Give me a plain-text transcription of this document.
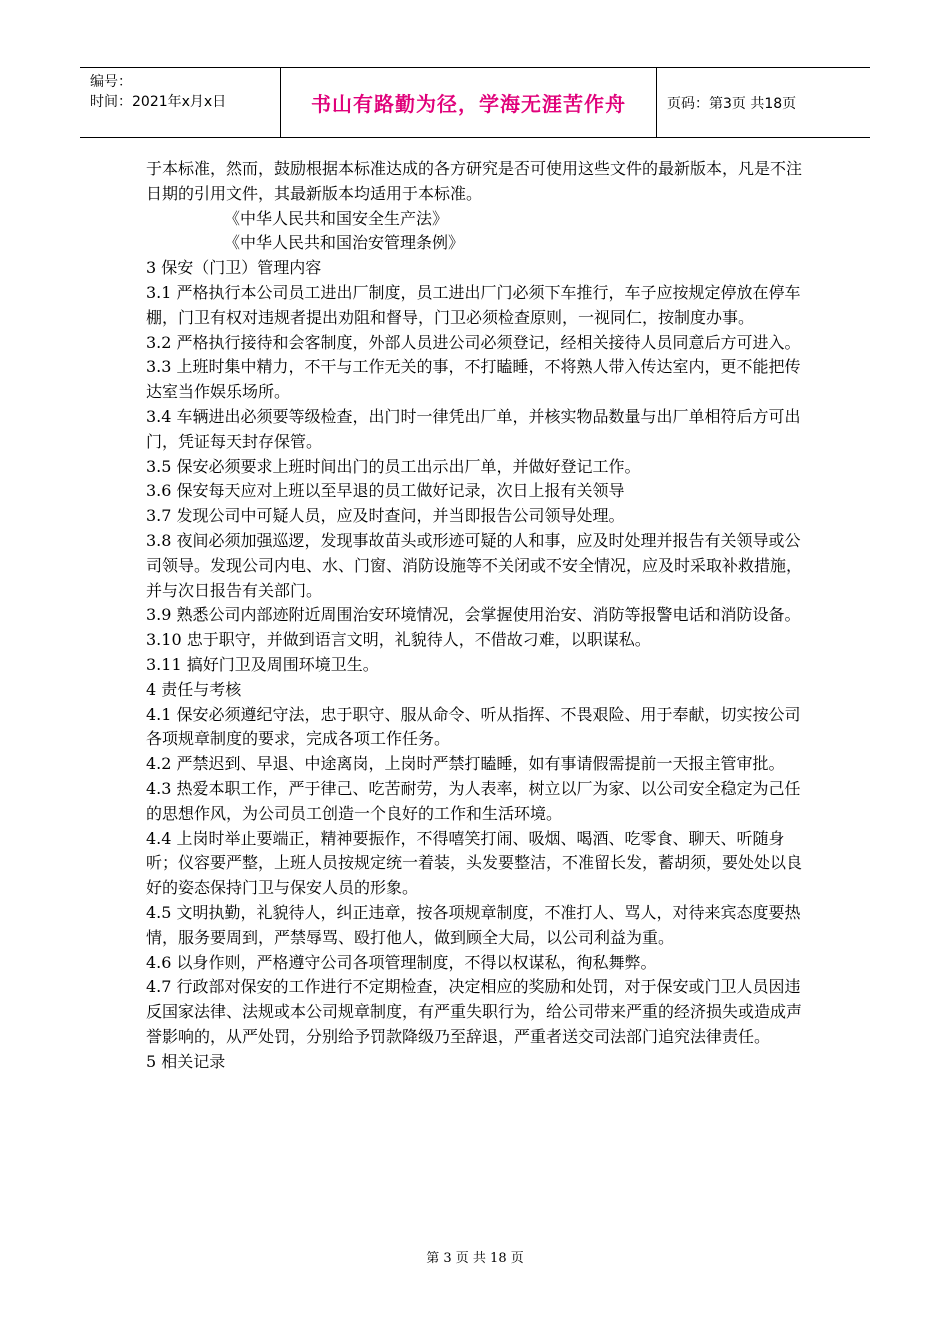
编号：
时间：2021年x月x日	书山有路勤为径，学海无涯苦作舟	页码：第3页 共18页

于本标准，然而，鼓励根据本标准达成的各方研究是否可使用这些文件的最新版本，凡是不注日期的引用文件，其最新版本均适用于本标准。

《中华人民共和国安全生产法》

《中华人民共和国治安管理条例》

3 保安（门卫）管理内容

3.1 严格执行本公司员工进出厂制度，员工进出厂门必须下车推行，车子应按规定停放在停车棚，门卫有权对违规者提出劝阻和督导，门卫必须检查原则，一视同仁，按制度办事。

3.2 严格执行接待和会客制度，外部人员进公司必须登记，经相关接待人员同意后方可进入。

3.3 上班时集中精力，不干与工作无关的事，不打瞌睡，不将熟人带入传达室内，更不能把传达室当作娱乐场所。

3.4 车辆进出必须要等级检查，出门时一律凭出厂单，并核实物品数量与出厂单相符后方可出门，凭证每天封存保管。

3.5 保安必须要求上班时间出门的员工出示出厂单，并做好登记工作。

3.6 保安每天应对上班以至早退的员工做好记录，次日上报有关领导

3.7 发现公司中可疑人员，应及时查问，并当即报告公司领导处理。

3.8 夜间必须加强巡逻，发现事故苗头或形迹可疑的人和事，应及时处理并报告有关领导或公司领导。发现公司内电、水、门窗、消防设施等不关闭或不安全情况，应及时采取补救措施，并与次日报告有关部门。

3.9 熟悉公司内部迹附近周围治安环境情况，会掌握使用治安、消防等报警电话和消防设备。

3.10 忠于职守，并做到语言文明，礼貌待人，不借故刁难，以职谋私。

3.11 搞好门卫及周围环境卫生。

4 责任与考核

4.1 保安必须遵纪守法，忠于职守、服从命令、听从指挥、不畏艰险、用于奉献，切实按公司各项规章制度的要求，完成各项工作任务。

4.2 严禁迟到、早退、中途离岗，上岗时严禁打瞌睡，如有事请假需提前一天报主管审批。

4.3 热爱本职工作，严于律己、吃苦耐劳，为人表率，树立以厂为家、以公司安全稳定为己任的思想作风，为公司员工创造一个良好的工作和生活环境。

4.4 上岗时举止要端正，精神要振作，不得嘻笑打闹、吸烟、喝酒、吃零食、聊天、听随身听；仪容要严整，上班人员按规定统一着装，头发要整洁，不准留长发，蓄胡须，要处处以良好的姿态保持门卫与保安人员的形象。

4.5 文明执勤，礼貌待人，纠正违章，按各项规章制度，不准打人、骂人，对待来宾态度要热情，服务要周到，严禁辱骂、殴打他人，做到顾全大局，以公司利益为重。

4.6 以身作则，严格遵守公司各项管理制度，不得以权谋私，徇私舞弊。

4.7 行政部对保安的工作进行不定期检查，决定相应的奖励和处罚，对于保安或门卫人员因违反国家法律、法规或本公司规章制度，有严重失职行为，给公司带来严重的经济损失或造成声誉影响的，从严处罚，分别给予罚款降级乃至辞退，严重者送交司法部门追究法律责任。

5 相关记录

第 3 页 共 18 页
